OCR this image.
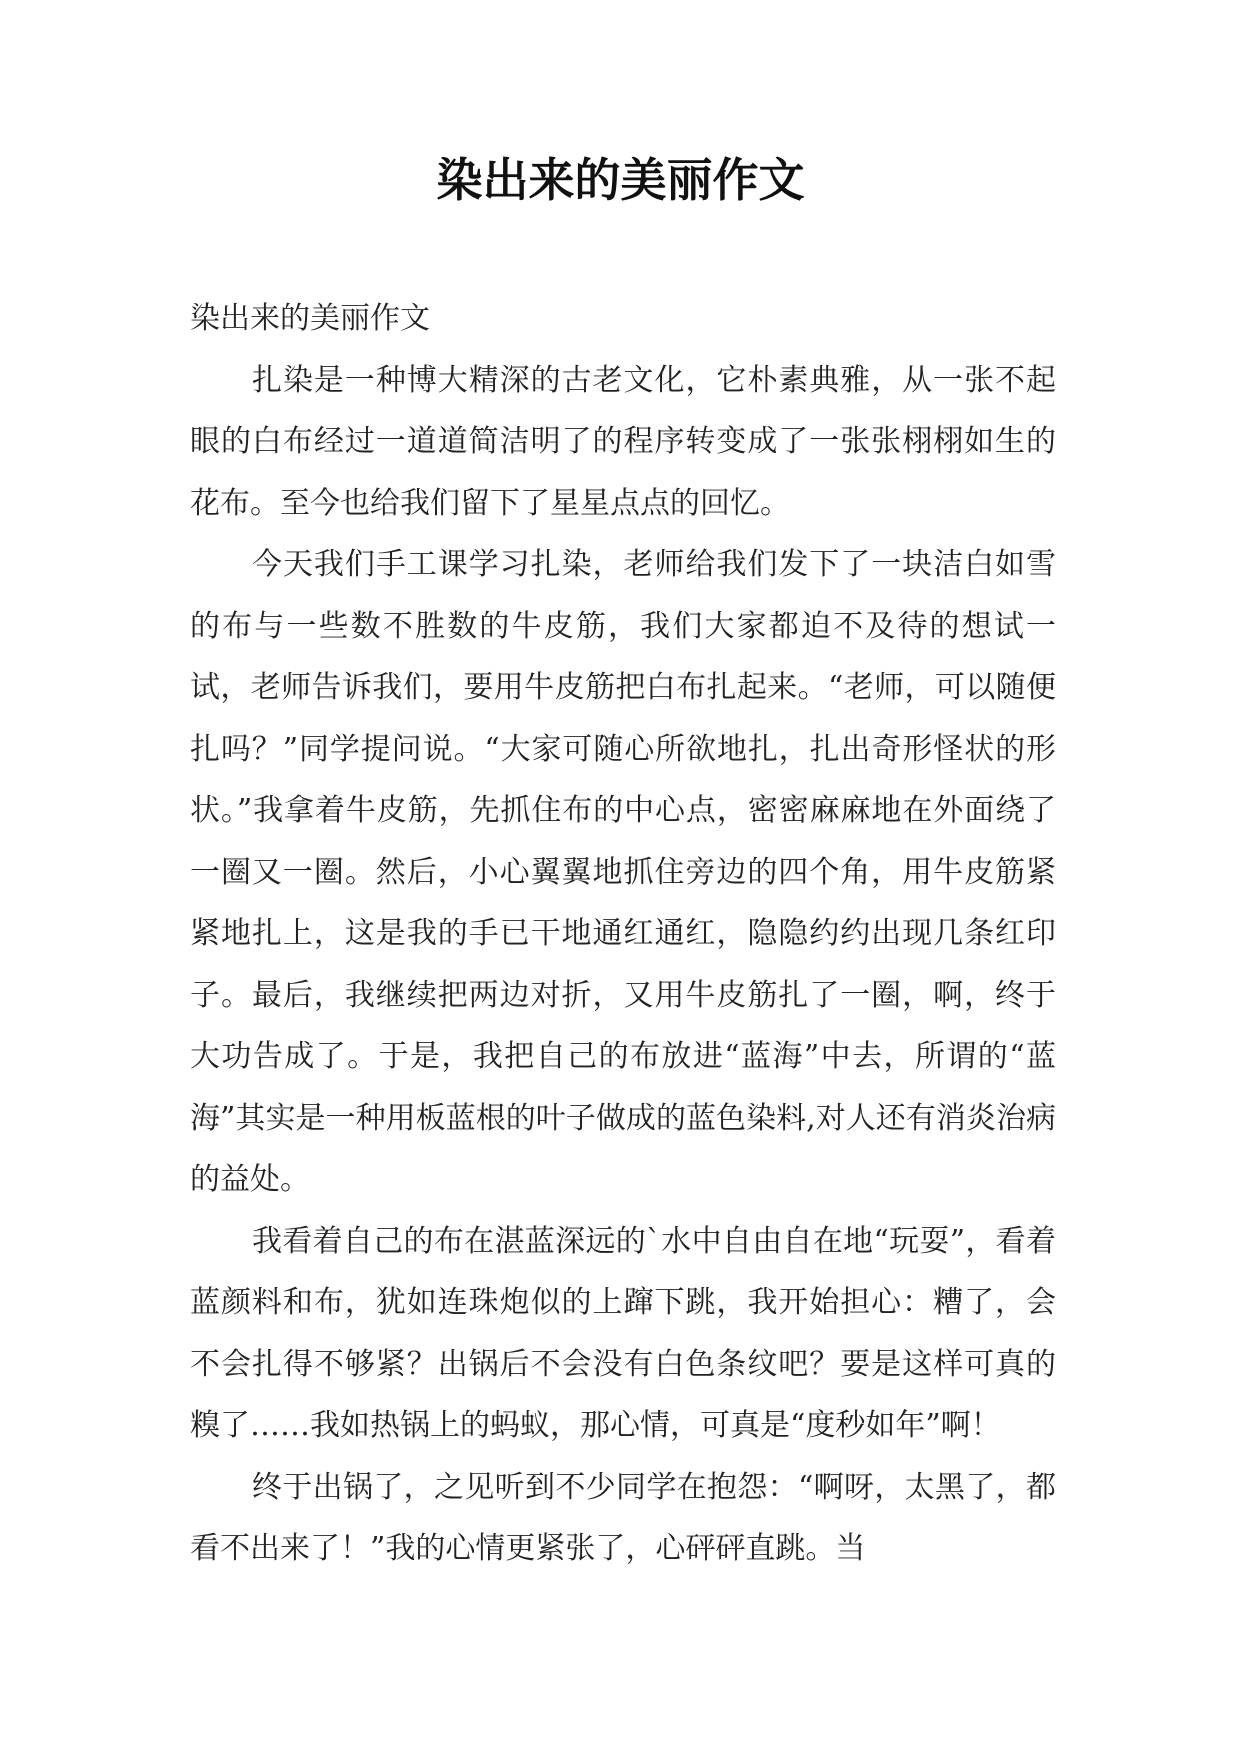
染出来的美丽作文

染出来的美丽作文

扎染是一种博大精深的古老文化，它朴素典雅，从一张不起眼的白布经过一道道简洁明了的程序转变成了一张张栩栩如生的花布。至今也给我们留下了星星点点的回忆。

今天我们手工课学习扎染，老师给我们发下了一块洁白如雪的布与一些数不胜数的牛皮筋，我们大家都迫不及待的想试一试，老师告诉我们，要用牛皮筋把白布扎起来。“老师，可以随便扎吗？”同学提问说。“大家可随心所欲地扎，扎出奇形怪状的形状。”我拿着牛皮筋，先抓住布的中心点，密密麻麻地在外面绕了一圈又一圈。然后，小心翼翼地抓住旁边的四个角，用牛皮筋紧紧地扎上，这是我的手已干地通红通红，隐隐约约出现几条红印子。最后，我继续把两边对折，又用牛皮筋扎了一圈，啊，终于大功告成了。于是，我把自己的布放进“蓝海”中去，所谓的“蓝海”其实是一种用板蓝根的叶子做成的蓝色染料,对人还有消炎治病的益处。

我看着自己的布在湛蓝深远的`水中自由自在地“玩耍”，看着蓝颜料和布，犹如连珠炮似的上蹿下跳，我开始担心：糟了，会不会扎得不够紧？出锅后不会没有白色条纹吧？要是这样可真的糗了……我如热锅上的蚂蚁，那心情，可真是“度秒如年”啊！

终于出锅了，之见听到不少同学在抱怨：“啊呀，太黑了，都看不出来了！”我的心情更紧张了，心砰砰直跳。当
